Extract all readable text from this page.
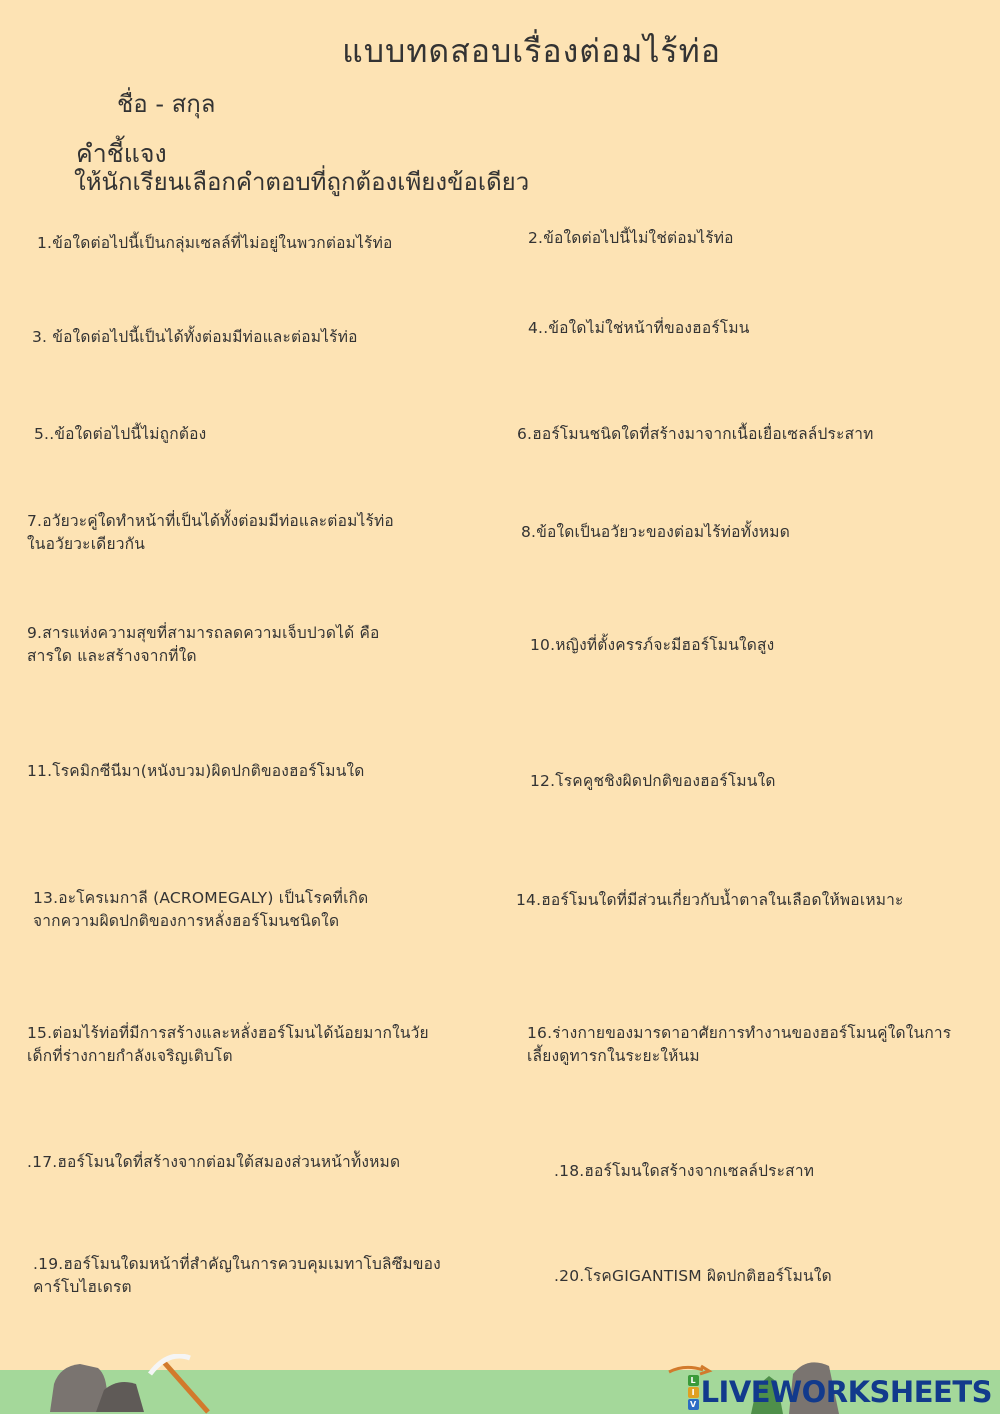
แบบทดสอบเรื่องต่อมไร้ท่อ
ชื่อ - สกุล
คำชี้แจง
ให้นักเรียนเลือกคำตอบที่ถูกต้องเพียงข้อเดียว
1.ข้อใดต่อไปนี้เป็นกลุ่มเซลล์ที่ไม่อยู่ในพวกต่อมไร้ท่อ	2.ข้อใดต่อไปนี้ไม่ใช่ต่อมไร้ท่อ
3. ข้อใดต่อไปนี้เป็นได้ทั้งต่อมมีท่อและต่อมไร้ท่อ	4..ข้อใดไม่ใช่หน้าที่ของฮอร์โมน
5..ข้อใดต่อไปนี้ไม่ถูกต้อง	6.ฮอร์โมนชนิดใดที่สร้างมาจากเนื้อเยื่อเซลล์ประสาท
7.อวัยวะคู่ใดทำหน้าที่เป็นได้ทั้งต่อมมีท่อและต่อมไร้ท่อ
ในอวัยวะเดียวกัน
8.ข้อใดเป็นอวัยวะของต่อมไร้ท่อทั้งหมด
9.สารแห่งความสุขที่สามารถลดความเจ็บปวดได้ คือ
สารใด และสร้างจากที่ใด
10.หญิงที่ตั้งครรภ์จะมีฮอร์โมนใดสูง
11.โรคมิกซีนีมา(หนังบวม)ผิดปกติของฮอร์โมนใด
12.โรคคูชชิงผิดปกติของฮอร์โมนใด
13.อะโครเมกาลี (ACROMEGALY) เป็นโรคที่เกิด
จากความผิดปกติของการหลั่งฮอร์โมนชนิดใด
14.ฮอร์โมนใดที่มีส่วนเกี่ยวกับน้ำตาลในเลือดให้พอเหมาะ
15.ต่อมไร้ท่อที่มีการสร้างและหลั่งฮอร์โมนได้น้อยมากในวัย
เด็กที่ร่างกายกำลังเจริญเติบโต
16.ร่างกายของมารดาอาศัยการทำงานของฮอร์โมนคู่ใดในการ
เลี้ยงดูทารกในระยะให้นม
.17.ฮอร์โมนใดที่สร้างจากต่อมใต้สมองส่วนหน้าท้ังหมด	.18.ฮอร์โมนใดสร้างจากเซลล์ประสาท
.19.ฮอร์โมนใดมหน้าที่สำคัญในการควบคุมเมทาโบลิซึมของ
คาร์โบไฮเดรต
.20.โรคGIGANTISM ผิดปกติฮอร์โมนใด
L
I
V LIVEWORKSHEETS
